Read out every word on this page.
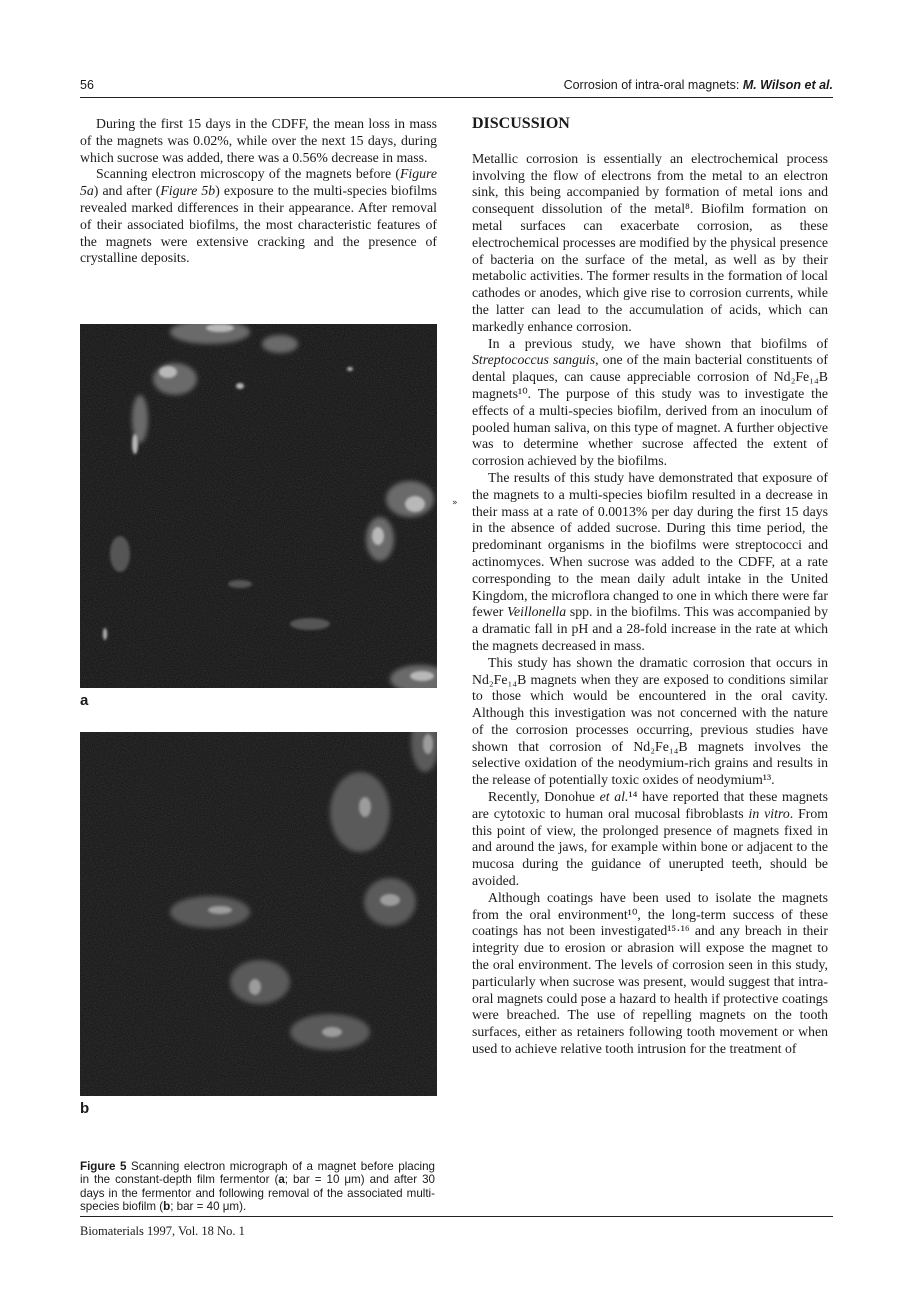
56	Corrosion of intra-oral magnets: M. Wilson et al.

During the first 15 days in the CDFF, the mean loss in mass of the magnets was 0.02%, while over the next 15 days, during which sucrose was added, there was a 0.56% decrease in mass.

Scanning electron microscopy of the magnets before (Figure 5a) and after (Figure 5b) exposure to the multi-species biofilms revealed marked differences in their appearance. After removal of their associated biofilms, the most characteristic features of the magnets were extensive cracking and the presence of crystalline deposits.

a
b
Figure 5 Scanning electron micrograph of a magnet before placing in the constant-depth film fermentor (a; bar = 10 μm) and after 30 days in the fermentor and following removal of the associated multi-species biofilm (b; bar = 40 μm).
DISCUSSION

Metallic corrosion is essentially an electrochemical process involving the flow of electrons from the metal to an electron sink, this being accompanied by formation of metal ions and consequent dissolution of the metal⁸. Biofilm formation on metal surfaces can exacerbate corrosion, as these electrochemical processes are modified by the physical presence of bacteria on the surface of the metal, as well as by their metabolic activities. The former results in the formation of local cathodes or anodes, which give rise to corrosion currents, while the latter can lead to the accumulation of acids, which can markedly enhance corrosion.

In a previous study, we have shown that biofilms of Streptococcus sanguis, one of the main bacterial constituents of dental plaques, can cause appreciable corrosion of Nd₂Fe₁₄B magnets¹⁰. The purpose of this study was to investigate the effects of a multi-species biofilm, derived from an inoculum of pooled human saliva, on this type of magnet. A further objective was to determine whether sucrose affected the extent of corrosion achieved by the biofilms.

The results of this study have demonstrated that exposure of the magnets to a multi-species biofilm resulted in a decrease in their mass at a rate of 0.0013% per day during the first 15 days in the absence of added sucrose. During this time period, the predominant organisms in the biofilms were streptococci and actinomyces. When sucrose was added to the CDFF, at a rate corresponding to the mean daily adult intake in the United Kingdom, the microflora changed to one in which there were far fewer Veillonella spp. in the biofilms. This was accompanied by a dramatic fall in pH and a 28-fold increase in the rate at which the magnets decreased in mass.

This study has shown the dramatic corrosion that occurs in Nd₂Fe₁₄B magnets when they are exposed to conditions similar to those which would be encountered in the oral cavity. Although this investigation was not concerned with the nature of the corrosion processes occurring, previous studies have shown that corrosion of Nd₂Fe₁₄B magnets involves the selective oxidation of the neodymium-rich grains and results in the release of potentially toxic oxides of neodymium¹³.

Recently, Donohue et al.¹⁴ have reported that these magnets are cytotoxic to human oral mucosal fibroblasts in vitro. From this point of view, the prolonged presence of magnets fixed in and around the jaws, for example within bone or adjacent to the mucosa during the guidance of unerupted teeth, should be avoided.

Although coatings have been used to isolate the magnets from the oral environment¹⁰, the long-term success of these coatings has not been investigated¹⁵·¹⁶ and any breach in their integrity due to erosion or abrasion will expose the magnet to the oral environment. The levels of corrosion seen in this study, particularly when sucrose was present, would suggest that intra-oral magnets could pose a hazard to health if protective coatings were breached. The use of repelling magnets on the tooth surfaces, either as retainers following tooth movement or when used to achieve relative tooth intrusion for the treatment of

»
Biomaterials 1997, Vol. 18 No. 1
